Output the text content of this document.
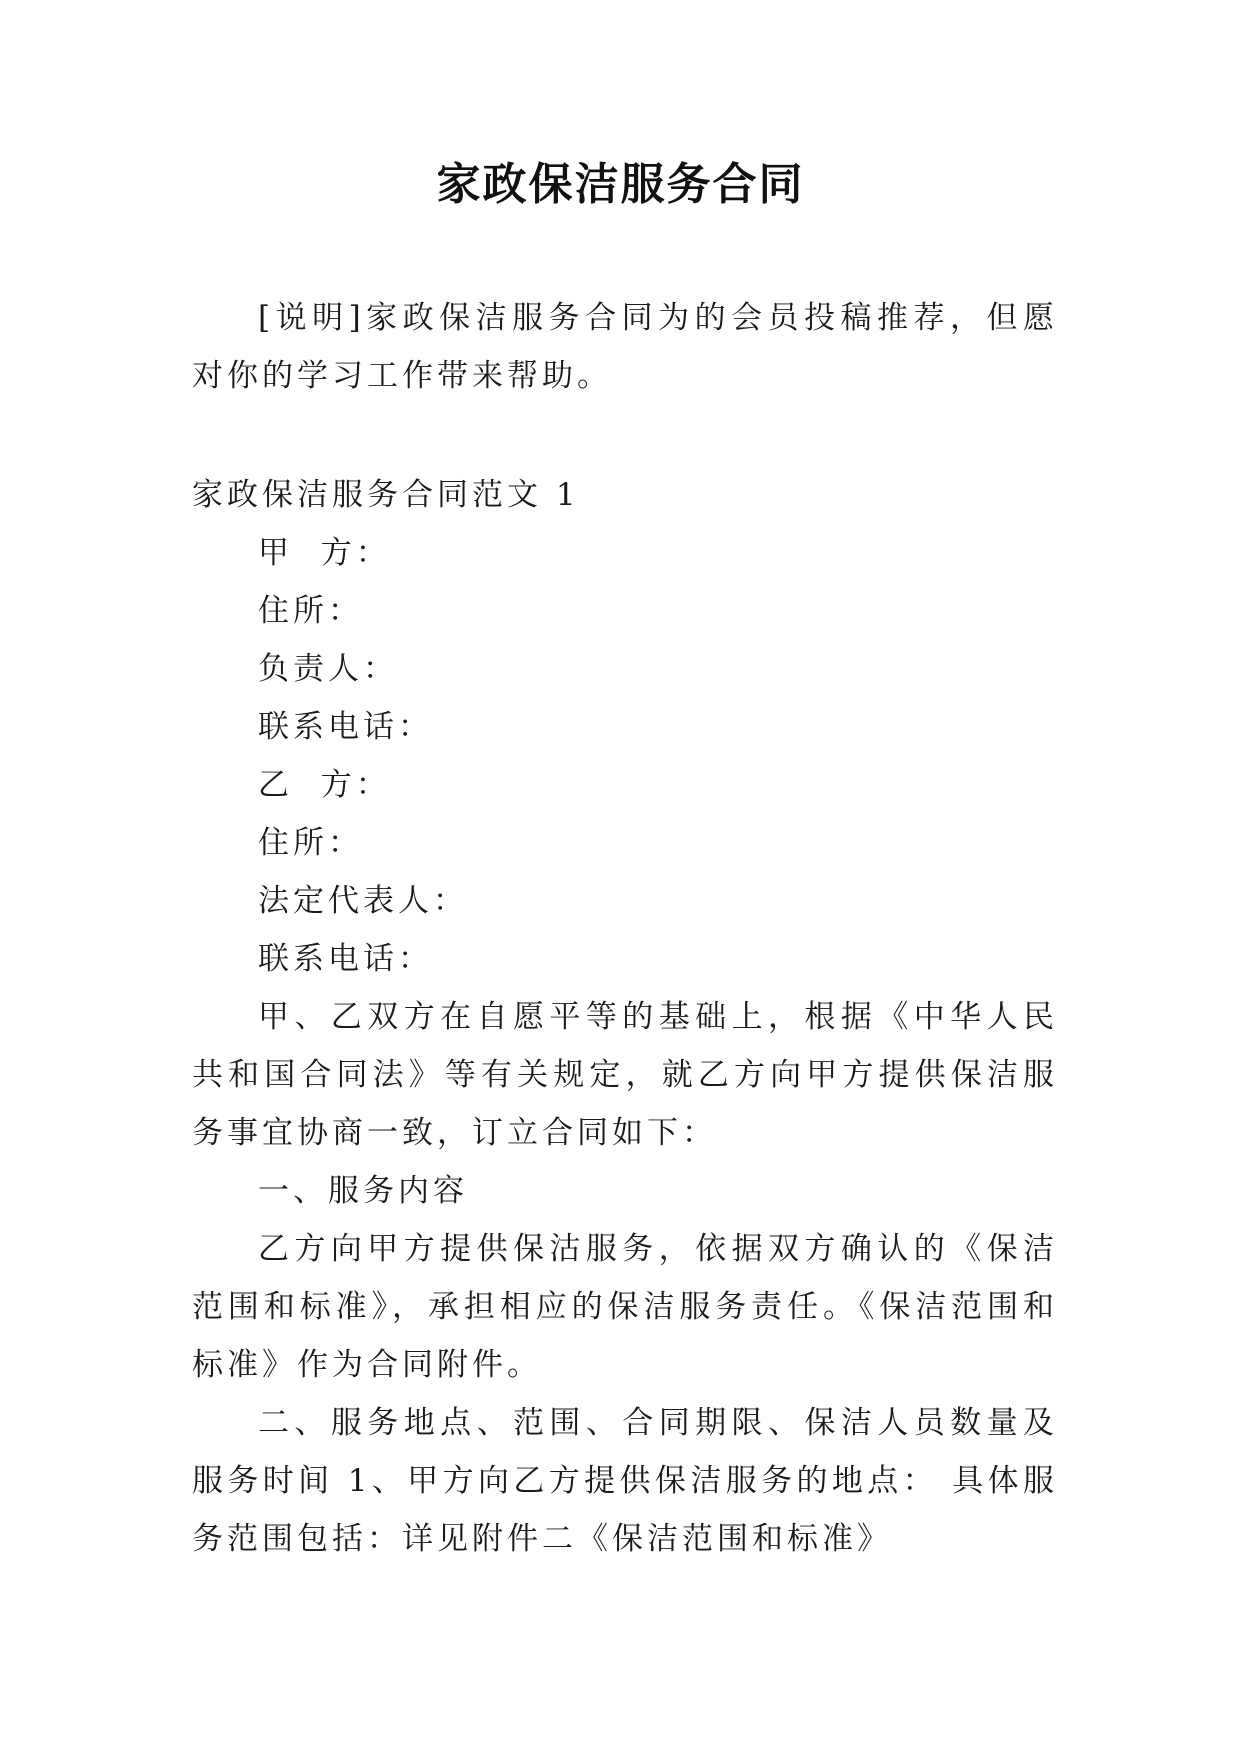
家政保洁服务合同

[说明]家政保洁服务合同为的会员投稿推荐，但愿对你的学习工作带来帮助。

家政保洁服务合同范文 1

甲  方：

住所：

负责人：

联系电话：

乙  方：

住所：

法定代表人：

联系电话：

甲、乙双方在自愿平等的基础上，根据《中华人民共和国合同法》等有关规定，就乙方向甲方提供保洁服务事宜协商一致，订立合同如下：

一、服务内容

乙方向甲方提供保沽服务，依据双方确认的《保洁范围和标准》，承担相应的保洁服务责任。《保洁范围和标准》作为合同附件。

二、服务地点、范围、合同期限、保洁人员数量及服务时间 1、甲方向乙方提供保洁服务的地点： 具体服务范围包括：详见附件二《保洁范围和标准》
